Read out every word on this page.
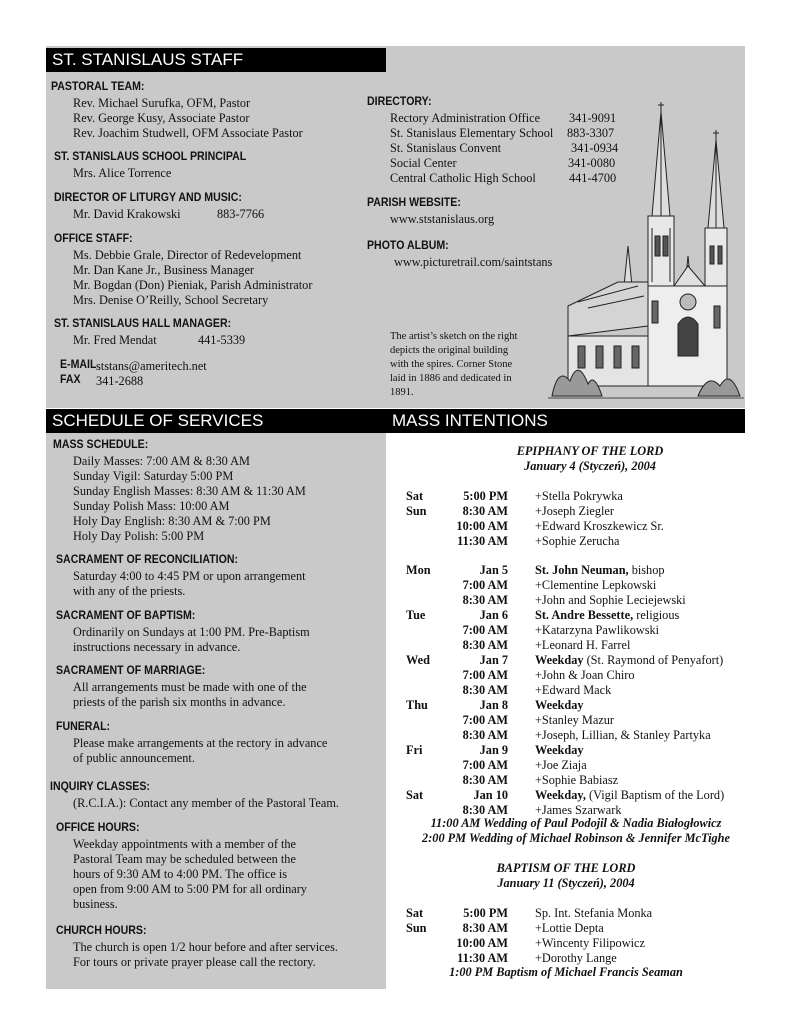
ST. STANISLAUS STAFF
PASTORAL TEAM:
Rev. Michael Surufka, OFM, Pastor
Rev. George Kusy, Associate Pastor
Rev. Joachim Studwell, OFM Associate Pastor
ST. STANISLAUS SCHOOL PRINCIPAL
Mrs. Alice Torrence
DIRECTOR OF LITURGY AND MUSIC:
Mr. David Krakowski	883-7766
OFFICE STAFF:
Ms. Debbie Grale, Director of Redevelopment
Mr. Dan Kane Jr., Business Manager
Mr. Bogdan (Don) Pieniak, Parish Administrator
Mrs. Denise O’Reilly, School Secretary
ST. STANISLAUS HALL MANAGER:
Mr. Fred Mendat	441-5339
E-MAIL ststans@ameritech.net
FAX 341-2688
DIRECTORY:
Rectory Administration Office 341-9091
St. Stanislaus Elementary School 883-3307
St. Stanislaus Convent	341-0934
Social Center	341-0080
Central Catholic High School	441-4700
PARISH WEBSITE:
www.ststanislaus.org
PHOTO ALBUM:
www.picturetrail.com/saintstans
The artist’s sketch on the right
depicts the original building
with the spires. Corner Stone
laid in 1886 and dedicated in
1891.
SCHEDULE OF SERVICES	MASS INTENTIONS
MASS SCHEDULE:
Daily Masses: 7:00 AM & 8:30 AM
Sunday Vigil: Saturday 5:00 PM
Sunday English Masses: 8:30 AM & 11:30 AM
Sunday Polish Mass: 10:00 AM
Holy Day English: 8:30 AM & 7:00 PM
Holy Day Polish: 5:00 PM
SACRAMENT OF RECONCILIATION:
Saturday 4:00 to 4:45 PM or upon arrangement
with any of the priests.
SACRAMENT OF BAPTISM:
Ordinarily on Sundays at 1:00 PM. Pre-Baptism
instructions necessary in advance.
SACRAMENT OF MARRIAGE:
All arrangements must be made with one of the
priests of the parish six months in advance.
FUNERAL:
Please make arrangements at the rectory in advance
of public announcement.
INQUIRY CLASSES:
(R.C.I.A.): Contact any member of the Pastoral Team.
OFFICE HOURS:
Weekday appointments with a member of the
Pastoral Team may be scheduled between the
hours of 9:30 AM to 4:00 PM. The office is
open from 9:00 AM to 5:00 PM for all ordinary
business.
CHURCH HOURS:
The church is open 1/2 hour before and after services.
For tours or private prayer please call the rectory.
EPIPHANY OF THE LORD
January 4 (Styczeń), 2004
Sat	5:00 PM +Stella Pokrywka
Sun	8:30 AM +Joseph Ziegler
10:00 AM +Edward Kroszkewicz Sr.
11:30 AM +Sophie Zerucha
Mon	Jan 5 St. John Neuman, bishop
7:00 AM +Clementine Lepkowski
8:30 AM +John and Sophie Leciejewski
Tue	Jan 6 St. Andre Bessette, religious
7:00 AM +Katarzyna Pawlikowski
8:30 AM +Leonard H. Farrel
Wed	Jan 7 Weekday (St. Raymond of Penyafort)
7:00 AM +John & Joan Chiro
8:30 AM +Edward Mack
Thu	Jan 8 Weekday
7:00 AM +Stanley Mazur
8:30 AM +Joseph, Lillian, & Stanley Partyka
Fri	Jan 9 Weekday
7:00 AM +Joe Ziaja
8:30 AM +Sophie Babiasz
Sat	Jan 10 Weekday, (Vigil Baptism of the Lord)
8:30 AM +James Szarwark
11:00 AM Wedding of Paul Podojil & Nadia Białogłowicz
2:00 PM Wedding of Michael Robinson & Jennifer McTighe
BAPTISM OF THE LORD
January 11 (Styczeń), 2004
Sat	5:00 PM Sp. Int. Stefania Monka
Sun	8:30 AM +Lottie Depta
10:00 AM +Wincenty Filipowicz
11:30 AM +Dorothy Lange
1:00 PM Baptism of Michael Francis Seaman
